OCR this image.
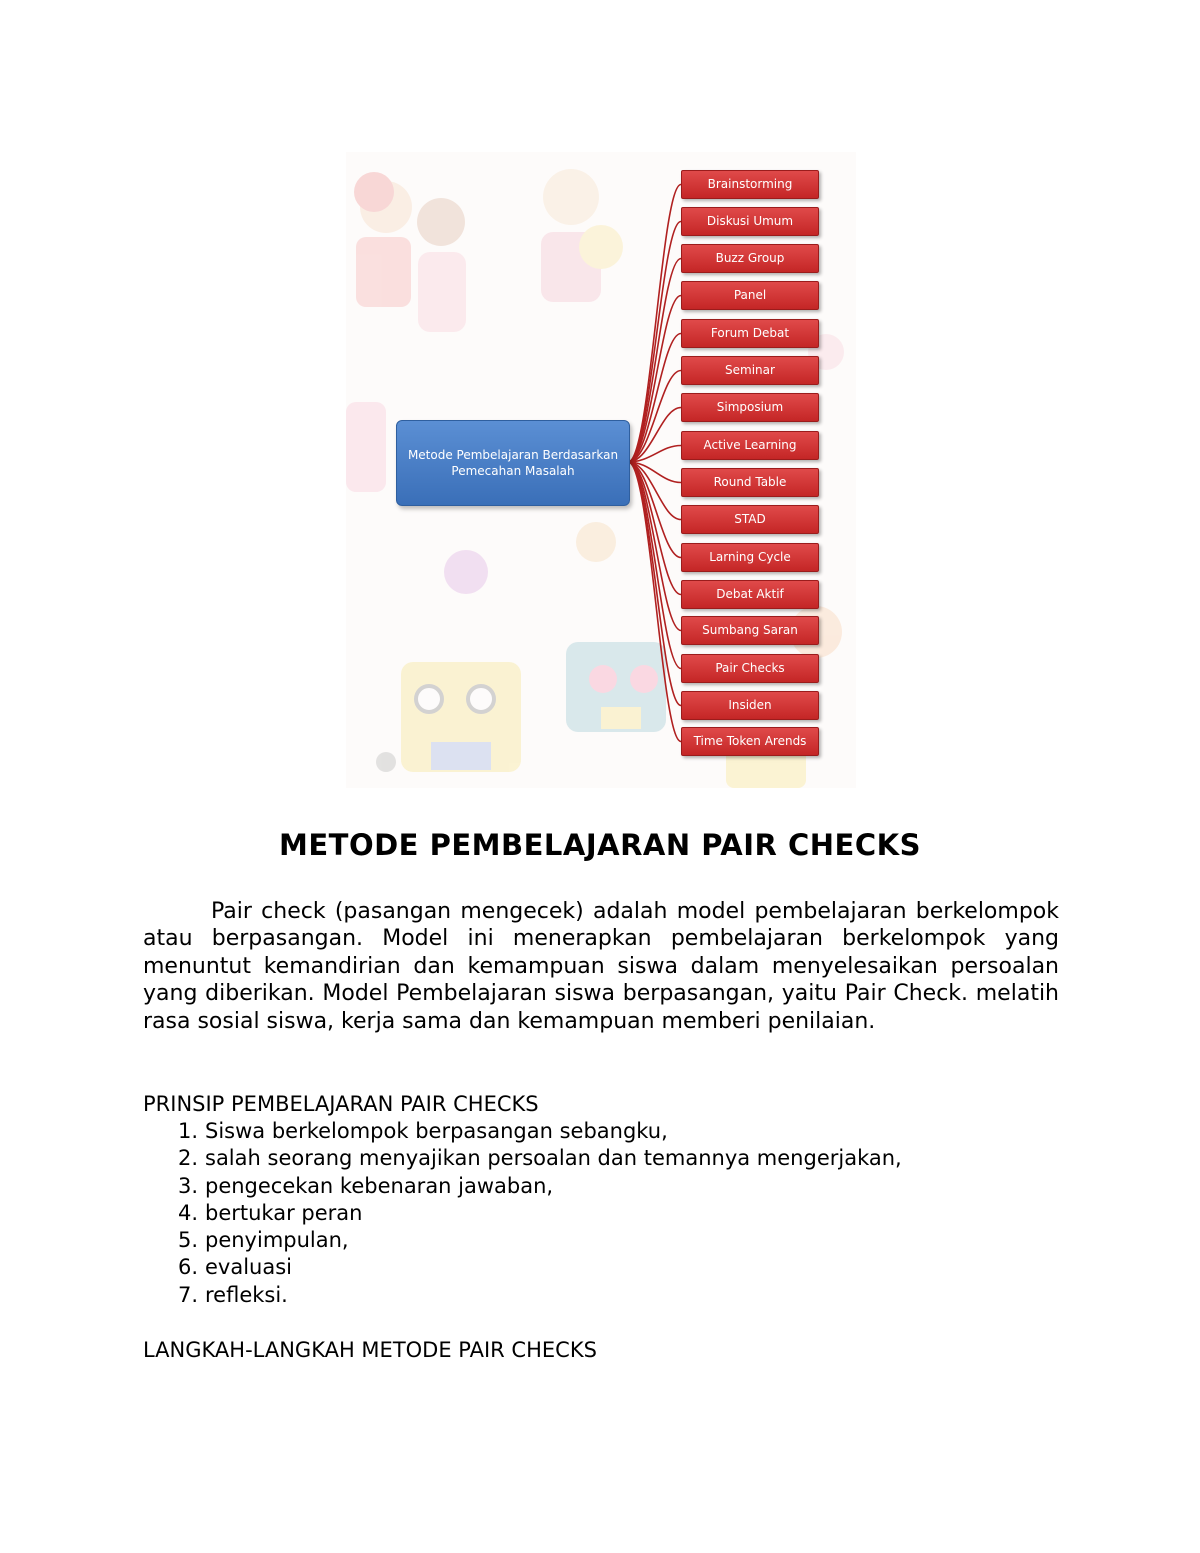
Metode Pembelajaran Berdasarkan
Pemecahan Masalah
Brainstorming
Diskusi Umum
Buzz Group
Panel
Forum Debat
Seminar
Simposium
Active Learning
Round Table
STAD
Larning Cycle
Debat Aktif
Sumbang Saran
Pair Checks
Insiden
Time Token Arends
METODE PEMBELAJARAN PAIR CHECKS

Pair check (pasangan mengecek) adalah model pembelajaran berkelompok atau berpasangan. Model ini menerapkan pembelajaran berkelompok yang menuntut kemandirian dan kemampuan siswa dalam menyelesaikan persoalan yang diberikan. Model Pembelajaran siswa berpasangan, yaitu Pair Check. melatih rasa sosial siswa, kerja sama dan kemampuan memberi penilaian.

PRINSIP PEMBELAJARAN PAIR CHECKS

1. Siswa berkelompok berpasangan sebangku,
2. salah seorang menyajikan persoalan dan temannya mengerjakan,
3. pengecekan kebenaran jawaban,
4. bertukar peran
5. penyimpulan,
6. evaluasi
7. refleksi.

LANGKAH-LANGKAH METODE PAIR CHECKS
